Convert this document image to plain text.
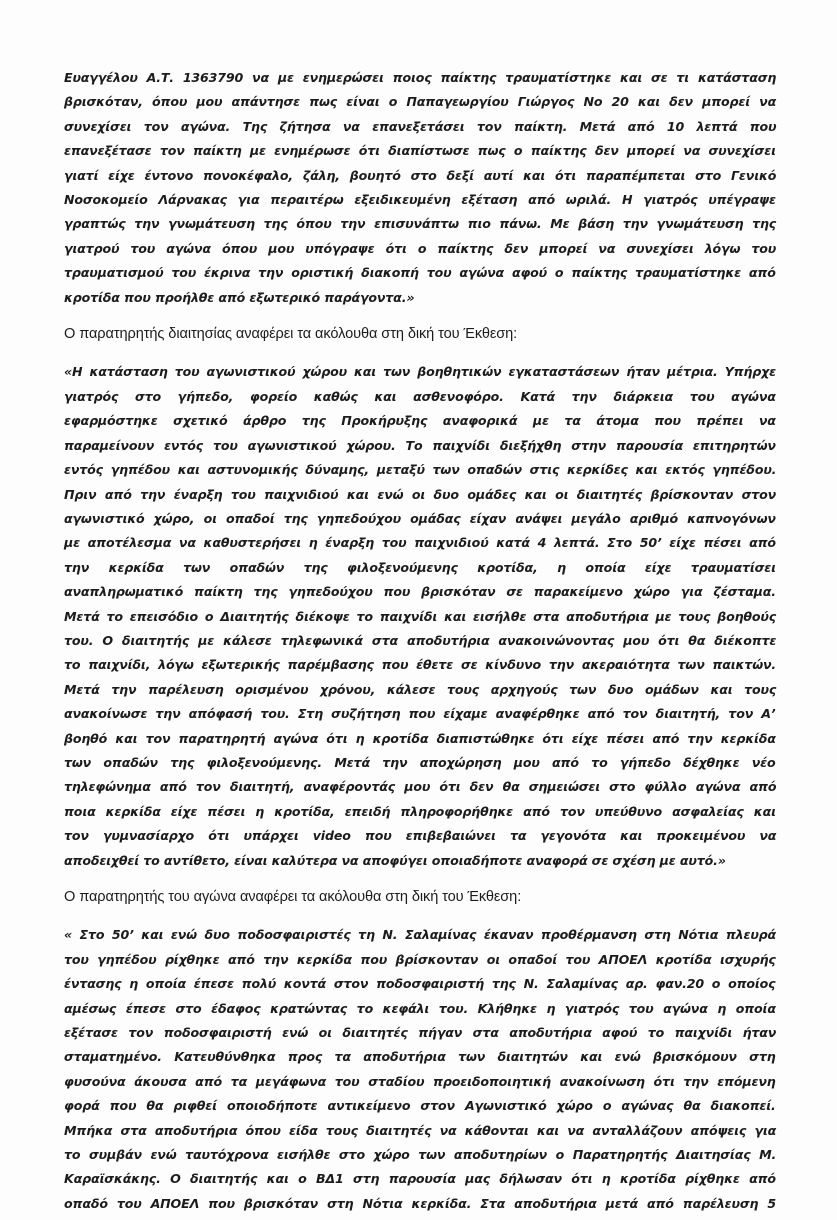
Ευαγγέλου Α.Τ. 1363790 να με ενημερώσει ποιος παίκτης τραυματίστηκε και σε τι κατάσταση
βρισκόταν, όπου μου απάντησε πως είναι ο Παπαγεωργίου Γιώργος Νο 20 και δεν μπορεί να
συνεχίσει τον αγώνα. Της ζήτησα να επανεξετάσει τον παίκτη. Μετά από 10 λεπτά που
επανεξέτασε τον παίκτη με ενημέρωσε ότι διαπίστωσε πως ο παίκτης δεν μπορεί να συνεχίσει
γιατί είχε έντονο πονοκέφαλο, ζάλη, βουητό στο δεξί αυτί και ότι παραπέμπεται στο Γενικό
Νοσοκομείο Λάρνακας για περαιτέρω εξειδικευμένη εξέταση από ωριλά. Η γιατρός υπέγραψε
γραπτώς την γνωμάτευση της όπου την επισυνάπτω πιο πάνω. Με βάση την γνωμάτευση της
γιατρού του αγώνα όπου μου υπόγραψε ότι ο παίκτης δεν μπορεί να συνεχίσει λόγω του
τραυματισμού του έκρινα την οριστική διακοπή του αγώνα αφού ο παίκτης τραυματίστηκε από
κροτίδα που προήλθε από εξωτερικό παράγοντα.»

Ο παρατηρητής διαιτησίας αναφέρει τα ακόλουθα στη δική του Έκθεση:

«Η κατάσταση του αγωνιστικού χώρου και των βοηθητικών εγκαταστάσεων ήταν μέτρια. Υπήρχε
γιατρός στο γήπεδο, φορείο καθώς και ασθενοφόρο. Κατά την διάρκεια του αγώνα
εφαρμόστηκε σχετικό άρθρο της Προκήρυξης αναφορικά με τα άτομα που πρέπει να
παραμείνουν εντός του αγωνιστικού χώρου. Το παιχνίδι διεξήχθη στην παρουσία επιτηρητών
εντός γηπέδου και αστυνομικής δύναμης, μεταξύ των οπαδών στις κερκίδες και εκτός γηπέδου.
Πριν από την έναρξη του παιχνιδιού και ενώ οι δυο ομάδες και οι διαιτητές βρίσκονταν στον
αγωνιστικό χώρο, οι οπαδοί της γηπεδούχου ομάδας είχαν ανάψει μεγάλο αριθμό καπνογόνων
με αποτέλεσμα να καθυστερήσει η έναρξη του παιχνιδιού κατά 4 λεπτά. Στο 50’ είχε πέσει από
την κερκίδα των οπαδών της φιλοξενούμενης κροτίδα, η οποία είχε τραυματίσει
αναπληρωματικό παίκτη της γηπεδούχου που βρισκόταν σε παρακείμενο χώρο για ζέσταμα.
Μετά το επεισόδιο ο Διαιτητής διέκοψε το παιχνίδι και εισήλθε στα αποδυτήρια με τους βοηθούς
του. Ο διαιτητής με κάλεσε τηλεφωνικά στα αποδυτήρια ανακοινώνοντας μου ότι θα διέκοπτε
το παιχνίδι, λόγω εξωτερικής παρέμβασης που έθετε σε κίνδυνο την ακεραιότητα των παικτών.
Μετά την παρέλευση ορισμένου χρόνου, κάλεσε τους αρχηγούς των δυο ομάδων και τους
ανακοίνωσε την απόφασή του. Στη συζήτηση που είχαμε αναφέρθηκε από τον διαιτητή, τον Α’
βοηθό και τον παρατηρητή αγώνα ότι η κροτίδα διαπιστώθηκε ότι είχε πέσει από την κερκίδα
των οπαδών της φιλοξενούμενης. Μετά την αποχώρηση μου από το γήπεδο δέχθηκε νέο
τηλεφώνημα από τον διαιτητή, αναφέροντάς μου ότι δεν θα σημειώσει στο φύλλο αγώνα από
ποια κερκίδα είχε πέσει η κροτίδα, επειδή πληροφορήθηκε από τον υπεύθυνο ασφαλείας και
τον γυμνασίαρχο ότι υπάρχει video που επιβεβαιώνει τα γεγονότα και προκειμένου να
αποδειχθεί το αντίθετο, είναι καλύτερα να αποφύγει οποιαδήποτε αναφορά σε σχέση με αυτό.»

Ο παρατηρητής του αγώνα αναφέρει τα ακόλουθα στη δική του Έκθεση:

« Στο 50’ και ενώ δυο ποδοσφαιριστές τη Ν. Σαλαμίνας έκαναν προθέρμανση στη Νότια πλευρά
του γηπέδου ρίχθηκε από την κερκίδα που βρίσκονταν οι οπαδοί του ΑΠΟΕΛ κροτίδα ισχυρής
έντασης η οποία έπεσε πολύ κοντά στον ποδοσφαιριστή της Ν. Σαλαμίνας αρ. φαν.20 ο οποίος
αμέσως έπεσε στο έδαφος κρατώντας το κεφάλι του. Κλήθηκε η γιατρός του αγώνα η οποία
εξέτασε τον ποδοσφαιριστή ενώ οι διαιτητές πήγαν στα αποδυτήρια αφού το παιχνίδι ήταν
σταματημένο. Κατευθύνθηκα προς τα αποδυτήρια των διαιτητών και ενώ βρισκόμουν στη
φυσούνα άκουσα από τα μεγάφωνα του σταδίου προειδοποιητική ανακοίνωση ότι την επόμενη
φορά που θα ριφθεί οποιοδήποτε αντικείμενο στον Αγωνιστικό χώρο ο αγώνας θα διακοπεί.
Μπήκα στα αποδυτήρια όπου είδα τους διαιτητές να κάθονται και να ανταλλάζουν απόψεις για
το συμβάν ενώ ταυτόχρονα εισήλθε στο χώρο των αποδυτηρίων ο Παρατηρητής Διαιτησίας Μ.
Καραϊσκάκης. Ο διαιτητής και ο ΒΔ1 στη παρουσία μας δήλωσαν ότι η κροτίδα ρίχθηκε από
οπαδό του ΑΠΟΕΛ που βρισκόταν στη Νότια κερκίδα. Στα αποδυτήρια μετά από παρέλευση 5
